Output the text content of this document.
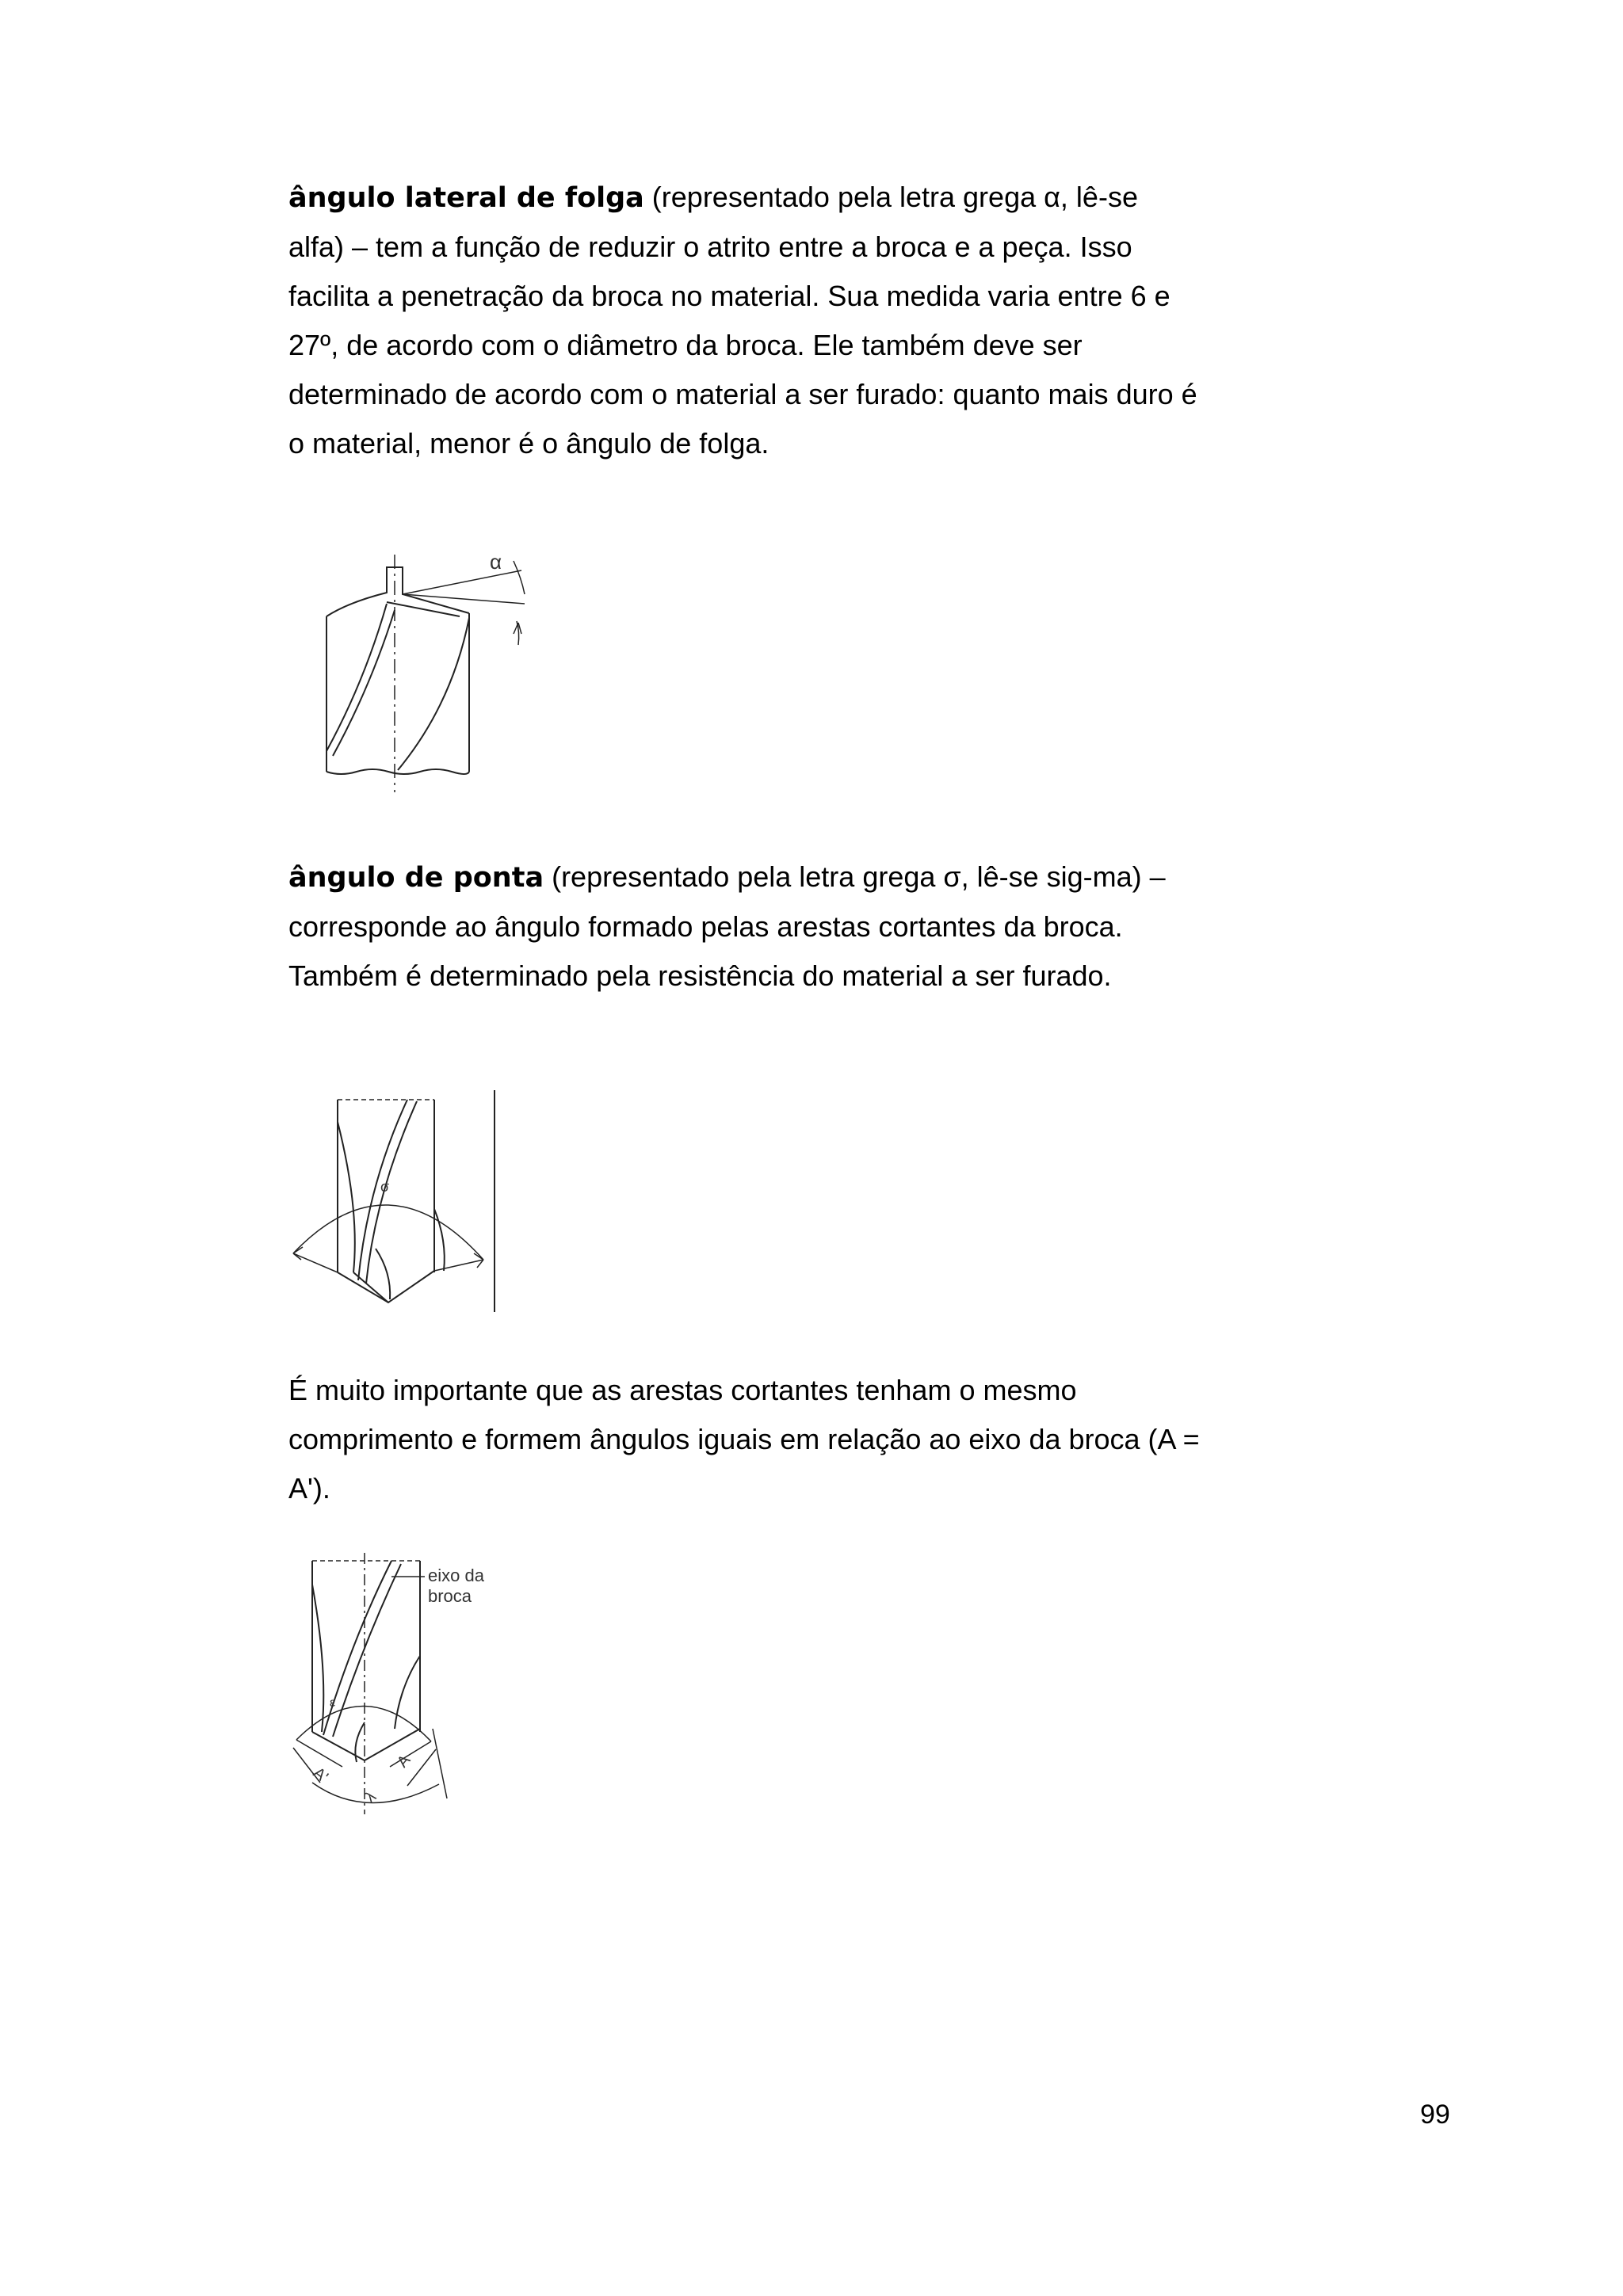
ângulo lateral de folga (representado pela letra grega α, lê-se alfa) – tem a função de reduzir o atrito entre a broca e a peça. Isso facilita a penetração da broca no material. Sua medida varia entre 6 e 27º, de acordo com o diâmetro da broca. Ele também deve ser determinado de acordo com o material a ser furado: quanto mais duro é o material, menor é o ângulo de folga.

α

ângulo de ponta (representado pela letra grega σ, lê-se sig-ma) – corresponde ao ângulo formado pelas arestas cortantes da broca. Também é determinado pela resistência do material a ser furado.

σ

É muito importante que as arestas cortantes tenham o mesmo comprimento e formem ângulos iguais em relação ao eixo da broca (A = A').

eixo da
broca
ε
A'
A
λ
99
